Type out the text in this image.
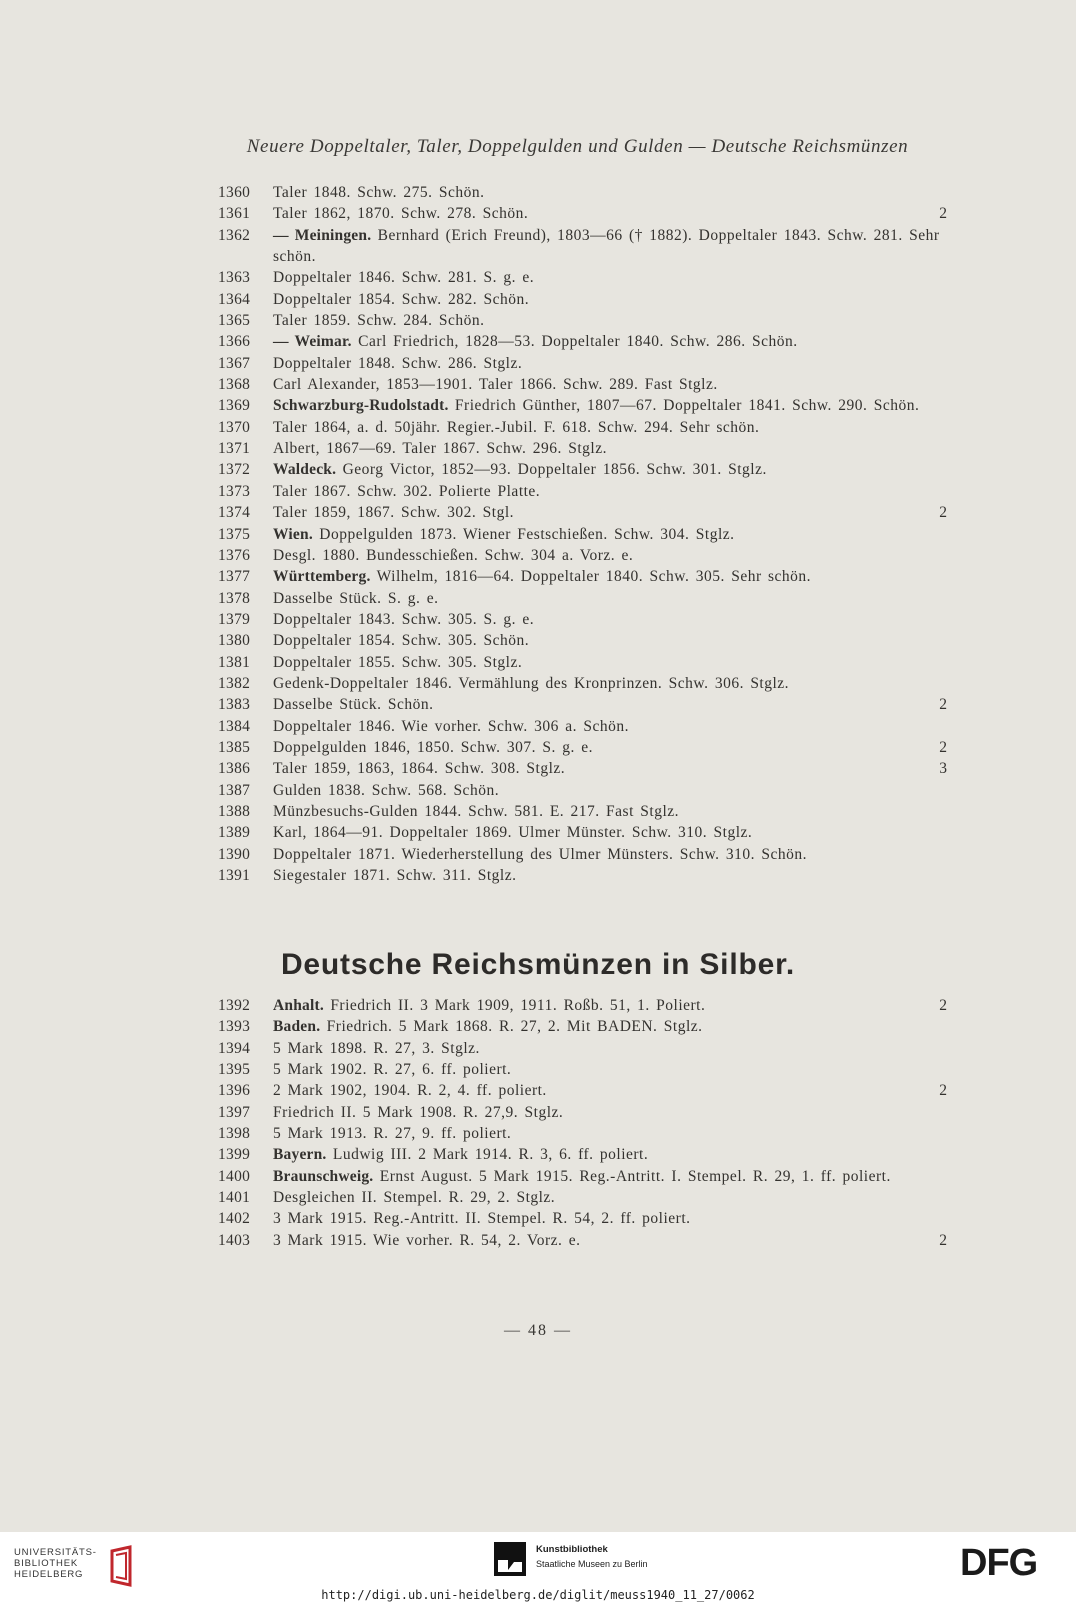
Neuere Doppeltaler, Taler, Doppelgulden und Gulden — Deutsche Reichsmünzen
1360	Taler 1848. Schw. 275. Schön.
1361	Taler 1862, 1870. Schw. 278. Schön.	2
1362	— Meiningen. Bernhard (Erich Freund), 1803—66 († 1882). Doppeltaler 1843. Schw. 281. Sehr schön.
1363	Doppeltaler 1846. Schw. 281. S. g. e.
1364	Doppeltaler 1854. Schw. 282. Schön.
1365	Taler 1859. Schw. 284. Schön.
1366	— Weimar. Carl Friedrich, 1828—53. Doppeltaler 1840. Schw. 286. Schön.
1367	Doppeltaler 1848. Schw. 286. Stglz.
1368	Carl Alexander, 1853—1901. Taler 1866. Schw. 289. Fast Stglz.
1369	Schwarzburg-Rudolstadt. Friedrich Günther, 1807—67. Doppeltaler 1841. Schw. 290. Schön.
1370	Taler 1864, a. d. 50jähr. Regier.-Jubil. F. 618. Schw. 294. Sehr schön.
1371	Albert, 1867—69. Taler 1867. Schw. 296. Stglz.
1372	Waldeck. Georg Victor, 1852—93. Doppeltaler 1856. Schw. 301. Stglz.
1373	Taler 1867. Schw. 302. Polierte Platte.
1374	Taler 1859, 1867. Schw. 302. Stgl.	2
1375	Wien. Doppelgulden 1873. Wiener Festschießen. Schw. 304. Stglz.
1376	Desgl. 1880. Bundesschießen. Schw. 304 a. Vorz. e.
1377	Württemberg. Wilhelm, 1816—64. Doppeltaler 1840. Schw. 305. Sehr schön.
1378	Dasselbe Stück. S. g. e.
1379	Doppeltaler 1843. Schw. 305. S. g. e.
1380	Doppeltaler 1854. Schw. 305. Schön.
1381	Doppeltaler 1855. Schw. 305. Stglz.
1382	Gedenk-Doppeltaler 1846. Vermählung des Kronprinzen. Schw. 306. Stglz.
1383	Dasselbe Stück. Schön.	2
1384	Doppeltaler 1846. Wie vorher. Schw. 306 a. Schön.
1385	Doppelgulden 1846, 1850. Schw. 307. S. g. e.	2
1386	Taler 1859, 1863, 1864. Schw. 308. Stglz.	3
1387	Gulden 1838. Schw. 568. Schön.
1388	Münzbesuchs-Gulden 1844. Schw. 581. E. 217. Fast Stglz.
1389	Karl, 1864—91. Doppeltaler 1869. Ulmer Münster. Schw. 310. Stglz.
1390	Doppeltaler 1871. Wiederherstellung des Ulmer Münsters. Schw. 310. Schön.
1391	Siegestaler 1871. Schw. 311. Stglz.
Deutsche Reichsmünzen in Silber.
1392	Anhalt. Friedrich II. 3 Mark 1909, 1911. Roßb. 51, 1. Poliert.	2
1393	Baden. Friedrich. 5 Mark 1868. R. 27, 2. Mit BADEN. Stglz.
1394	5 Mark 1898. R. 27, 3. Stglz.
1395	5 Mark 1902. R. 27, 6. ff. poliert.
1396	2 Mark 1902, 1904. R. 2, 4. ff. poliert.	2
1397	Friedrich II. 5 Mark 1908. R. 27,9. Stglz.
1398	5 Mark 1913. R. 27, 9. ff. poliert.
1399	Bayern. Ludwig III. 2 Mark 1914. R. 3, 6. ff. poliert.
1400	Braunschweig. Ernst August. 5 Mark 1915. Reg.-Antritt. I. Stempel. R. 29, 1. ff. poliert.
1401	Desgleichen II. Stempel. R. 29, 2. Stglz.
1402	3 Mark 1915. Reg.-Antritt. II. Stempel. R. 54, 2. ff. poliert.
1403	3 Mark 1915. Wie vorher. R. 54, 2. Vorz. e.	2
— 48 —
UNIVERSITÄTS-
BIBLIOTHEK
HEIDELBERG
Kunstbibliothek
Staatliche Museen zu Berlin	DFG
http://digi.ub.uni-heidelberg.de/diglit/meuss1940_11_27/0062
